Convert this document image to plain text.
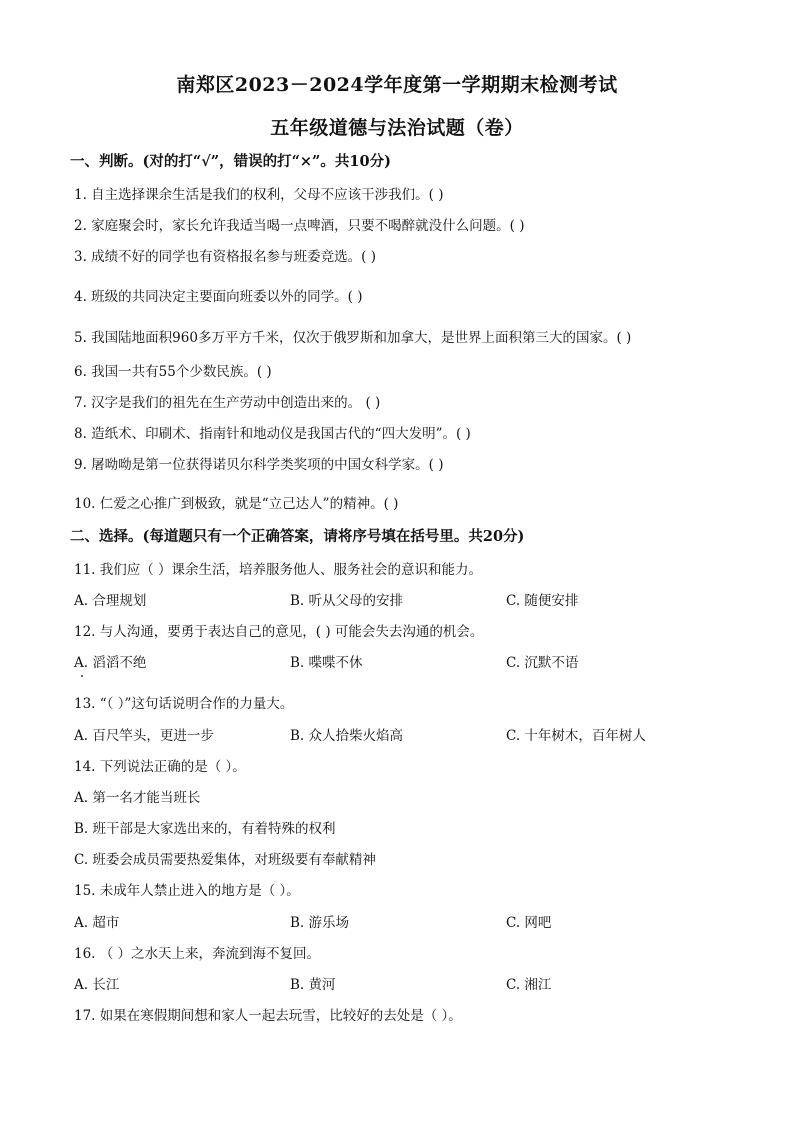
南郑区2023－2024学年度第一学期期末检测考试
五年级道德与法治试题（卷）
一、判断。(对的打“√”，错误的打“×”。共10分)
1. 自主选择课余生活是我们的权利，父母不应该干涉我们。( )
2. 家庭聚会时，家长允许我适当喝一点啤酒，只要不喝醉就没什么问题。( )
3. 成绩不好的同学也有资格报名参与班委竞选。( )
4. 班级的共同决定主要面向班委以外的同学。( )
5. 我国陆地面积960多万平方千米，仅次于俄罗斯和加拿大，是世界上面积第三大的国家。( )
6. 我国一共有55个少数民族。( )
7. 汉字是我们的祖先在生产劳动中创造出来的。 ( )
8. 造纸术、印刷术、指南针和地动仪是我国古代的“四大发明”。( )
9. 屠呦呦是第一位获得诺贝尔科学类奖项的中国女科学家。( )
10. 仁爱之心推广到极致，就是“立己达人”的精神。( )
二、选择。(每道题只有一个正确答案，请将序号填在括号里。共20分)
11. 我们应（ ）课余生活，培养服务他人、服务社会的意识和能力。
A. 合理规划	B. 听从父母的安排	C. 随便安排
12. 与人沟通，要勇于表达自己的意见，( ) 可能会失去沟通的机会。
A. 滔滔不绝	B. 喋喋不休	C. 沉默不语
13. “（ ）”这句话说明合作的力量大。
A. 百尺竿头，更进一步	B. 众人拾柴火焰高	C. 十年树木，百年树人
14. 下列说法正确的是（ ）。
A. 第一名才能当班长
B. 班干部是大家选出来的，有着特殊的权利
C. 班委会成员需要热爱集体，对班级要有奉献精神
15. 未成年人禁止进入的地方是（ ）。
A. 超市	B. 游乐场	C. 网吧
16. （ ）之水天上来，奔流到海不复回。
A. 长江	B. 黄河	C. 湘江
17. 如果在寒假期间想和家人一起去玩雪，比较好的去处是（ ）。
